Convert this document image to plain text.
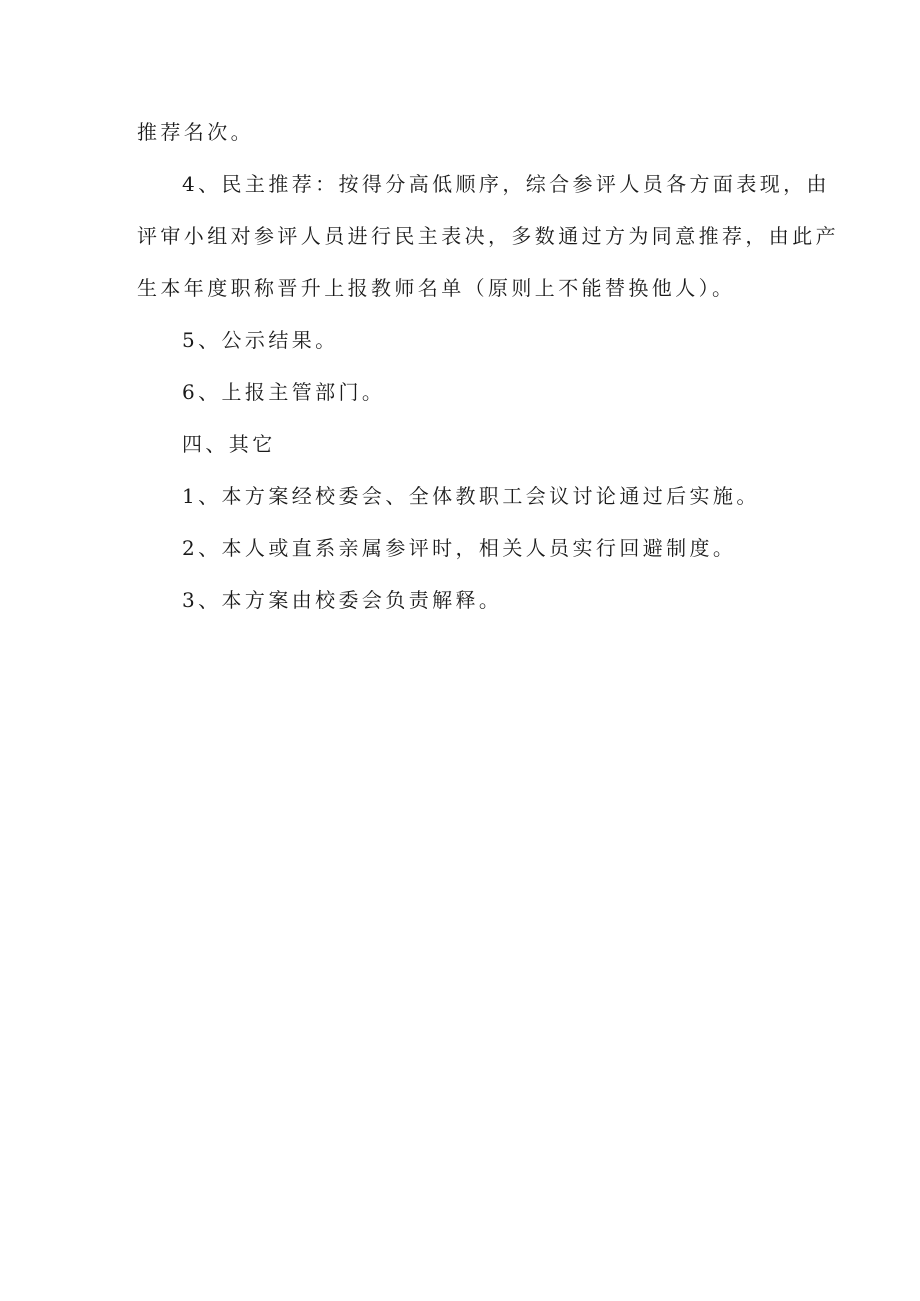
推荐名次。

4、民主推荐：按得分高低顺序，综合参评人员各方面表现，由

评审小组对参评人员进行民主表决，多数通过方为同意推荐，由此产

生本年度职称晋升上报教师名单（原则上不能替换他人）。

5、公示结果。

6、上报主管部门。

四、其它

1、本方案经校委会、全体教职工会议讨论通过后实施。

2、本人或直系亲属参评时，相关人员实行回避制度。

3、本方案由校委会负责解释。
